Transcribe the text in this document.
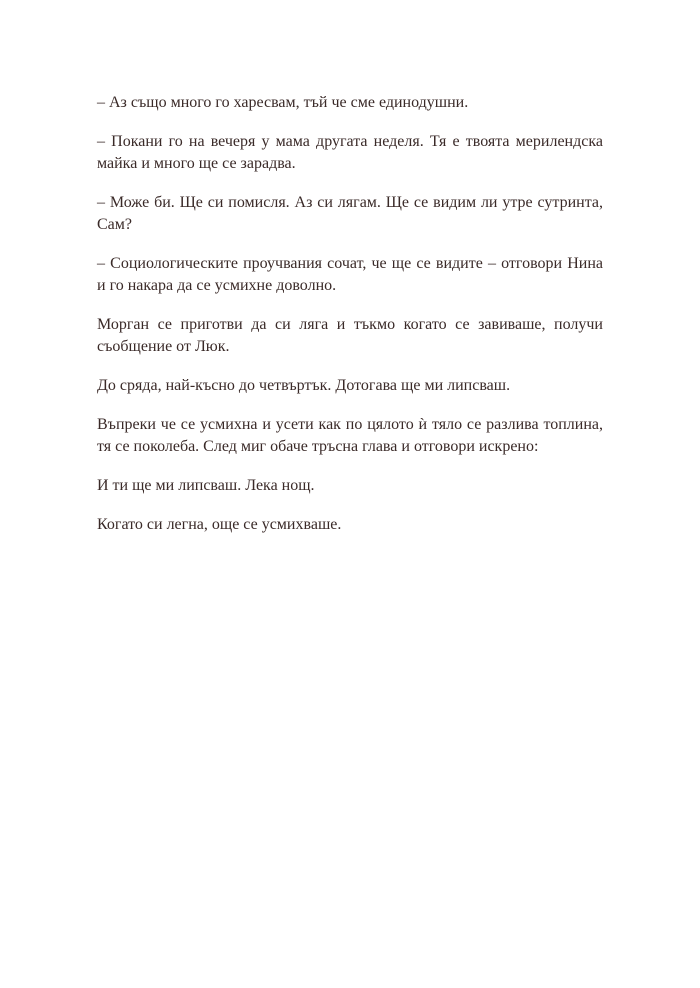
– Аз също много го харесвам, тъй че сме единодушни.

– Покани го на вечеря у мама другата неделя. Тя е твоята мерилендска майка и много ще се зарадва.

– Може би. Ще си помисля. Аз си лягам. Ще се видим ли утре сутринта, Сам?

– Социологическите проучвания сочат, че ще се видите – отговори Нина и го накара да се усмихне доволно.

Морган се приготви да си ляга и тъкмо когато се завиваше, получи съобщение от Люк.

До сряда, най-късно до четвъртък. Дотогава ще ми липсваш.

Въпреки че се усмихна и усети как по цялото ѝ тяло се разлива топлина, тя се поколеба. След миг обаче тръсна глава и отговори искрено:

И ти ще ми липсваш. Лека нощ.

Когато си легна, още се усмихваше.
